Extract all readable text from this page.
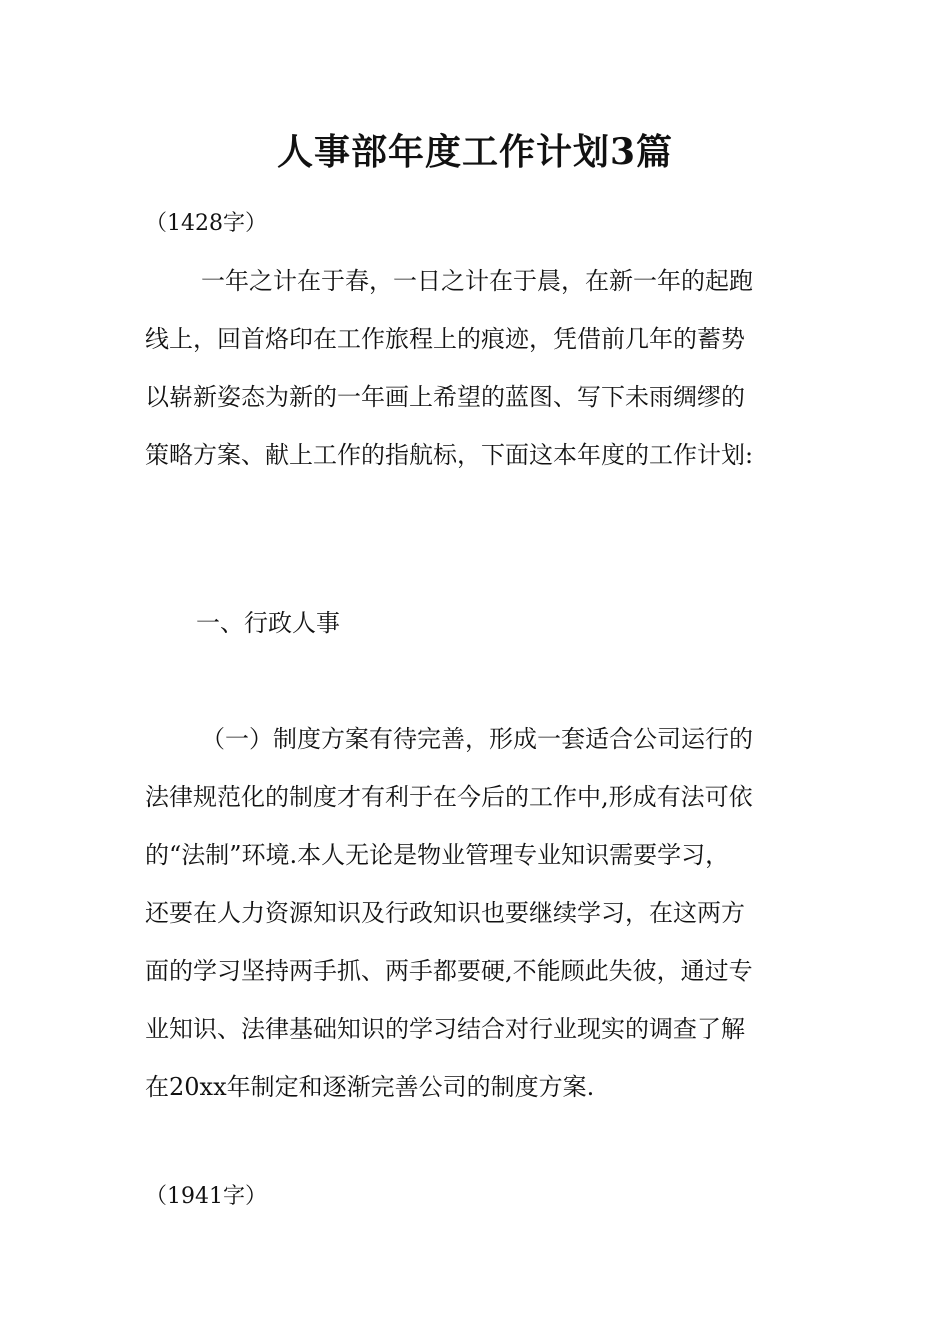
人事部年度工作计划3篇
（1428字）
一年之计在于春，一日之计在于晨，在新一年的起跑
线上，回首烙印在工作旅程上的痕迹，凭借前几年的蓄势
以崭新姿态为新的一年画上希望的蓝图、写下未雨绸缪的
策略方案、献上工作的指航标，下面这本年度的工作计划:
一、行政人事
（一）制度方案有待完善，形成一套适合公司运行的
法律规范化的制度才有利于在今后的工作中,形成有法可依
的“法制”环境.本人无论是物业管理专业知识需要学习，
还要在人力资源知识及行政知识也要继续学习，在这两方
面的学习坚持两手抓、两手都要硬,不能顾此失彼，通过专
业知识、法律基础知识的学习结合对行业现实的调查了解
在20xx年制定和逐渐完善公司的制度方案.
（1941字）
